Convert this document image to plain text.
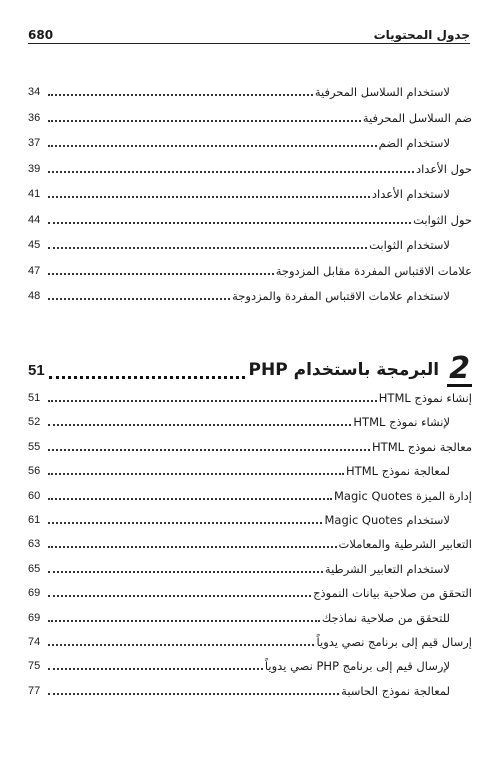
680	جدول المحتويات
لاستخدام السلاسل المحرفية
34
ضم السلاسل المحرفية
36
لاستخدام الضم
37
حول الأعداد
39
لاستخدام الأعداد
41
حول الثوابت
44
لاستخدام الثوابت
45
علامات الاقتباس المفردة مقابل المزدوجة
47
لاستخدام علامات الاقتباس المفردة والمزدوجة
48
2
البرمجة باستخدام PHP
51
إنشاء نموذج HTML
51
لإنشاء نموذج HTML
52
معالجة نموذج HTML
55
لمعالجة نموذج HTML
56
إدارة الميزة Magic Quotes
60
لاستخدام Magic Quotes
61
التعابير الشرطية والمعاملات
63
لاستخدام التعابير الشرطية
65
التحقق من صلاحية بيانات النموذج
69
للتحقق من صلاحية نماذجك
69
إرسال قيم إلى برنامج نصي يدوياً
74
لإرسال قيم إلى برنامج PHP نصي يدوياً
75
لمعالجة نموذج الحاسبة
77
